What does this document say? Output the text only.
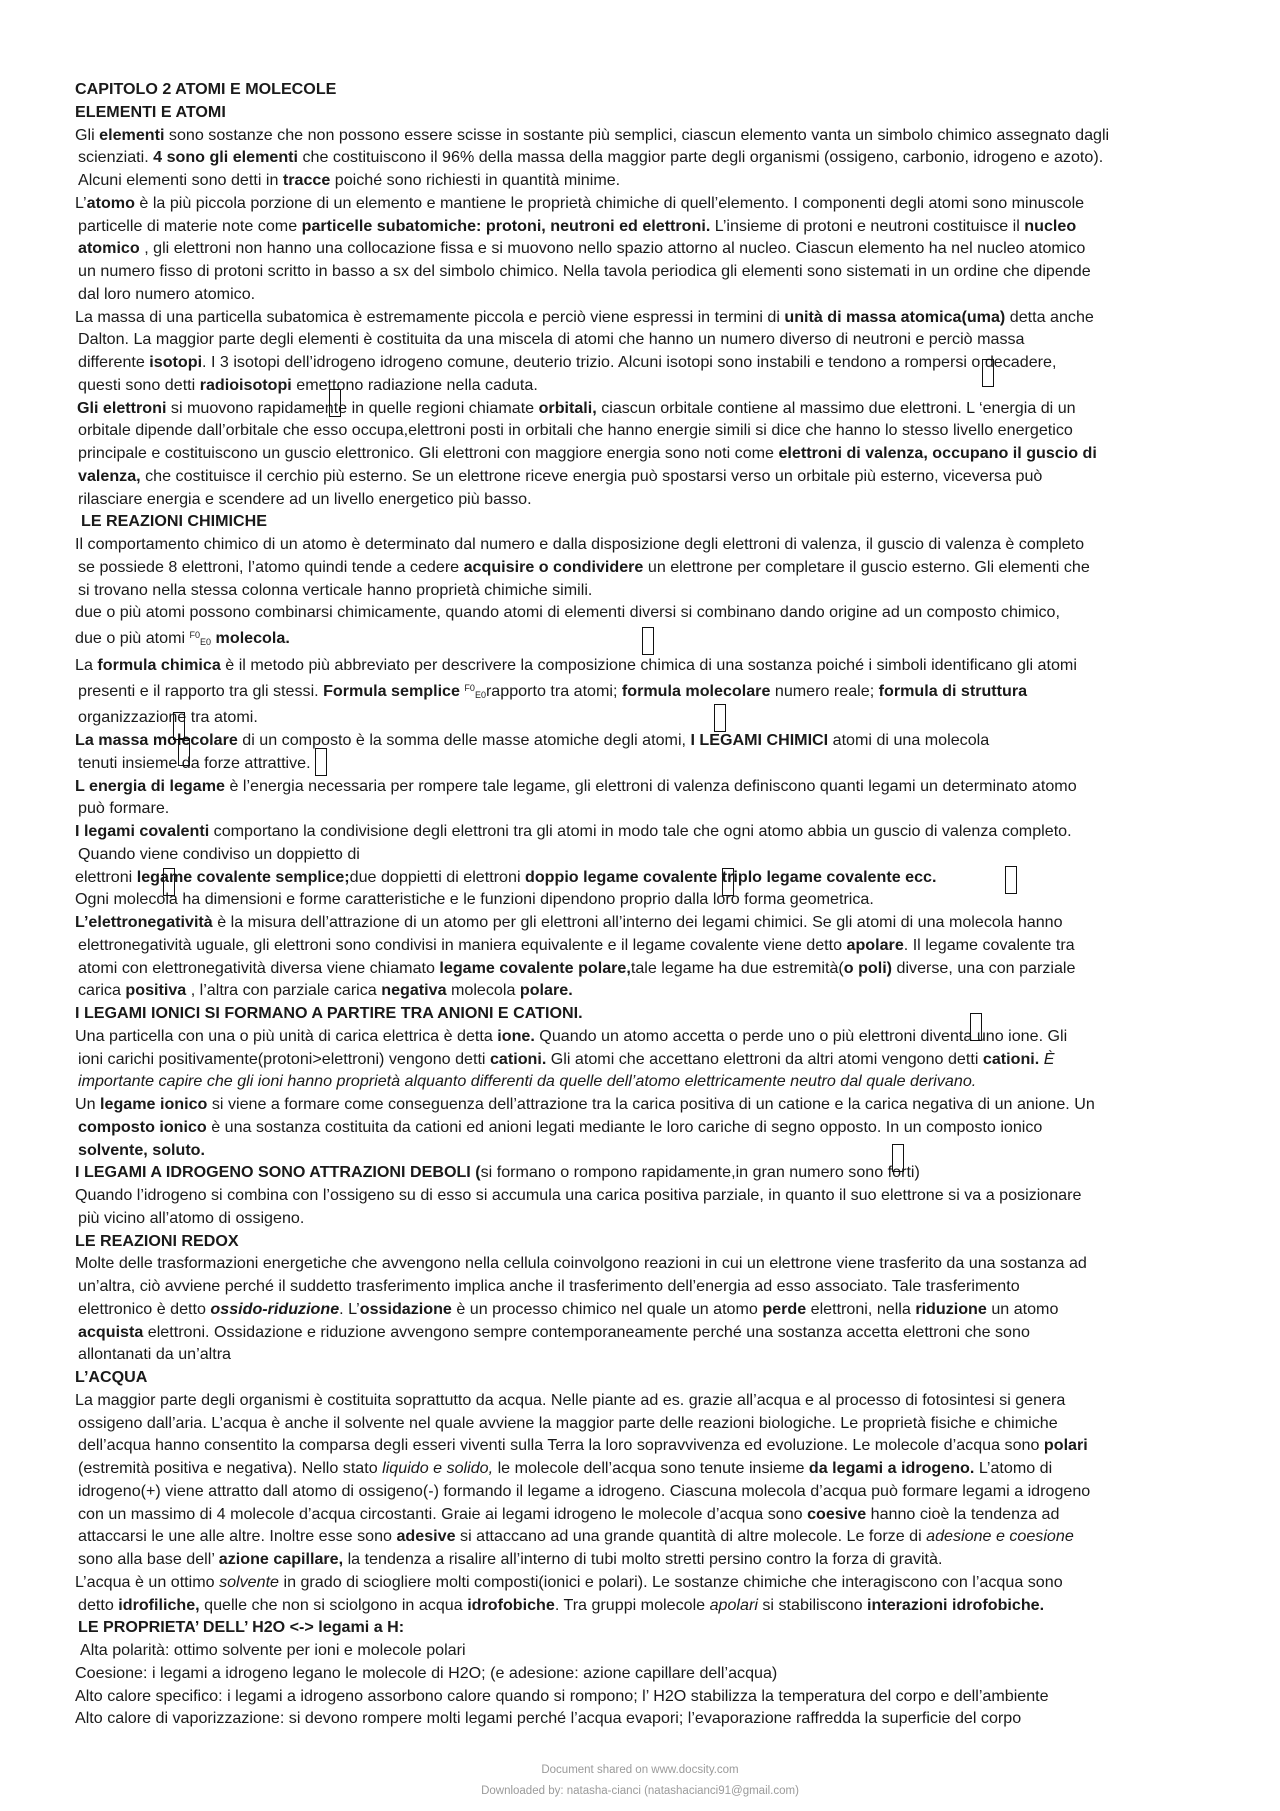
CAPITOLO 2 ATOMI E MOLECOLE

ELEMENTI E ATOMI

Gli elementi sono sostanze che non possono essere scisse in sostante più semplici, ciascun elemento vanta un simbolo chimico assegnato dagli

scienziati. 4 sono gli elementi che costituiscono il 96% della massa della maggior parte degli organismi (ossigeno, carbonio, idrogeno e azoto).

Alcuni elementi sono detti in tracce poiché sono richiesti in quantità minime.

L’atomo è la più piccola porzione di un elemento e mantiene le proprietà chimiche di quell’elemento. I componenti degli atomi sono minuscole

particelle di materie note come particelle subatomiche: protoni, neutroni ed elettroni. L’insieme di protoni e neutroni costituisce il nucleo

atomico , gli elettroni non hanno una collocazione fissa e si muovono nello spazio attorno al nucleo. Ciascun elemento ha nel nucleo atomico

un numero fisso di protoni scritto in basso a sx del simbolo chimico. Nella tavola periodica gli elementi sono sistemati in un ordine che dipende

dal loro numero atomico.

La massa di una particella subatomica è estremamente piccola e perciò viene espressi in termini di unità di massa atomica(uma) detta anche

Dalton. La maggior parte degli elementi è costituita da una miscela di atomi che hanno un numero diverso di neutroni e perciò massa

differente isotopi. I 3 isotopi dell’idrogeno idrogeno comune, deuterio trizio. Alcuni isotopi sono instabili e tendono a rompersi o decadere,

questi sono detti radioisotopi emettono radiazione nella caduta.

Gli elettroni si muovono rapidamente in quelle regioni chiamate orbitali, ciascun orbitale contiene al massimo due elettroni. L ‘energia di un

orbitale dipende dall’orbitale che esso occupa,elettroni posti in orbitali che hanno energie simili si dice che hanno lo stesso livello energetico

principale e costituiscono un guscio elettronico. Gli elettroni con maggiore energia sono noti come elettroni di valenza, occupano il guscio di

valenza, che costituisce il cerchio più esterno. Se un elettrone riceve energia può spostarsi verso un orbitale più esterno, viceversa può

rilasciare energia e scendere ad un livello energetico più basso.

LE REAZIONI CHIMICHE

Il comportamento chimico di un atomo è determinato dal numero e dalla disposizione degli elettroni di valenza, il guscio di valenza è completo

se possiede 8 elettroni, l’atomo quindi tende a cedere acquisire o condividere un elettrone per completare il guscio esterno. Gli elementi che

si trovano nella stessa colonna verticale hanno proprietà chimiche simili.

due o più atomi possono combinarsi chimicamente, quando atomi di elementi diversi si combinano dando origine ad un composto chimico,

due o più atomi $^{F0}_{E0}$ molecola.

La formula chimica è il metodo più abbreviato per descrivere la composizione chimica di una sostanza poiché i simboli identificano gli atomi

presenti e il rapporto tra gli stessi. Formula semplice $^{F0}_{E0}$rapporto tra atomi; formula molecolare numero reale; formula di struttura

organizzazione tra atomi.

La massa molecolare di un composto è la somma delle masse atomiche degli atomi, I LEGAMI CHIMICI atomi di una molecola

tenuti insieme da forze attrattive.

L energia di legame è l’energia necessaria per rompere tale legame, gli elettroni di valenza definiscono quanti legami un determinato atomo

può formare.

I legami covalenti comportano la condivisione degli elettroni tra gli atomi in modo tale che ogni atomo abbia un guscio di valenza completo.

Quando viene condiviso un doppietto di

elettroni legame covalente semplice;due doppietti di elettroni doppio legame covalente triplo legame covalente ecc.

Ogni molecola ha dimensioni e forme caratteristiche e le funzioni dipendono proprio dalla loro forma geometrica.

L’elettronegatività è la misura dell’attrazione di un atomo per gli elettroni all’interno dei legami chimici. Se gli atomi di una molecola hanno

elettronegatività uguale, gli elettroni sono condivisi in maniera equivalente e il legame covalente viene detto apolare. Il legame covalente tra

atomi con elettronegatività diversa viene chiamato legame covalente polare,tale legame ha due estremità(o poli) diverse, una con parziale

carica positiva , l’altra con parziale carica negativa molecola polare.

I LEGAMI IONICI SI FORMANO A PARTIRE TRA ANIONI E CATIONI.

Una particella con una o più unità di carica elettrica è detta ione. Quando un atomo accetta o perde uno o più elettroni diventa uno ione. Gli

ioni carichi positivamente(protoni>elettroni) vengono detti cationi. Gli atomi che accettano elettroni da altri atomi vengono detti cationi. È

importante capire che gli ioni hanno proprietà alquanto differenti da quelle dell’atomo elettricamente neutro dal quale derivano.

Un legame ionico si viene a formare come conseguenza dell’attrazione tra la carica positiva di un catione e la carica negativa di un anione. Un

composto ionico è una sostanza costituita da cationi ed anioni legati mediante le loro cariche di segno opposto. In un composto ionico

solvente, soluto.

I LEGAMI A IDROGENO SONO ATTRAZIONI DEBOLI (si formano o rompono rapidamente,in gran numero sono forti)

Quando l’idrogeno si combina con l’ossigeno su di esso si accumula una carica positiva parziale, in quanto il suo elettrone si va a posizionare

più vicino all’atomo di ossigeno.

LE REAZIONI REDOX

Molte delle trasformazioni energetiche che avvengono nella cellula coinvolgono reazioni in cui un elettrone viene trasferito da una sostanza ad

un’altra, ciò avviene perché il suddetto trasferimento implica anche il trasferimento dell’energia ad esso associato. Tale trasferimento

elettronico è detto ossido-riduzione. L’ossidazione è un processo chimico nel quale un atomo perde elettroni, nella riduzione un atomo

acquista elettroni. Ossidazione e riduzione avvengono sempre contemporaneamente perché una sostanza accetta elettroni che sono

allontanati da un’altra

L’ACQUA

La maggior parte degli organismi è costituita soprattutto da acqua. Nelle piante ad es. grazie all’acqua e al processo di fotosintesi si genera

ossigeno dall’aria. L’acqua è anche il solvente nel quale avviene la maggior parte delle reazioni biologiche. Le proprietà fisiche e chimiche

dell’acqua hanno consentito la comparsa degli esseri viventi sulla Terra la loro sopravvivenza ed evoluzione. Le molecole d’acqua sono polari

(estremità positiva e negativa). Nello stato liquido e solido, le molecole dell’acqua sono tenute insieme da legami a idrogeno. L’atomo di

idrogeno(+) viene attratto dall atomo di ossigeno(-) formando il legame a idrogeno. Ciascuna molecola d’acqua può formare legami a idrogeno

con un massimo di 4 molecole d’acqua circostanti. Graie ai legami idrogeno le molecole d’acqua sono coesive hanno cioè la tendenza ad

attaccarsi le une alle altre. Inoltre esse sono adesive si attaccano ad una grande quantità di altre molecole. Le forze di adesione e coesione

sono alla base dell’ azione capillare, la tendenza a risalire all’interno di tubi molto stretti persino contro la forza di gravità.

L’acqua è un ottimo solvente in grado di sciogliere molti composti(ionici e polari). Le sostanze chimiche che interagiscono con l’acqua sono

detto idrofiliche, quelle che non si sciolgono in acqua idrofobiche. Tra gruppi molecole apolari si stabiliscono interazioni idrofobiche.

LE PROPRIETA’ DELL’ H2O <-> legami a H:

Alta polarità: ottimo solvente per ioni e molecole polari

Coesione: i legami a idrogeno legano le molecole di H2O; (e adesione: azione capillare dell’acqua)

Alto calore specifico: i legami a idrogeno assorbono calore quando si rompono; l’ H2O stabilizza la temperatura del corpo e dell’ambiente

Alto calore di vaporizzazione: si devono rompere molti legami perché l’acqua evapori; l’evaporazione raffredda la superficie del corpo

Document shared on www.docsity.com
Downloaded by: natasha-cianci (natashacianci91@gmail.com)
